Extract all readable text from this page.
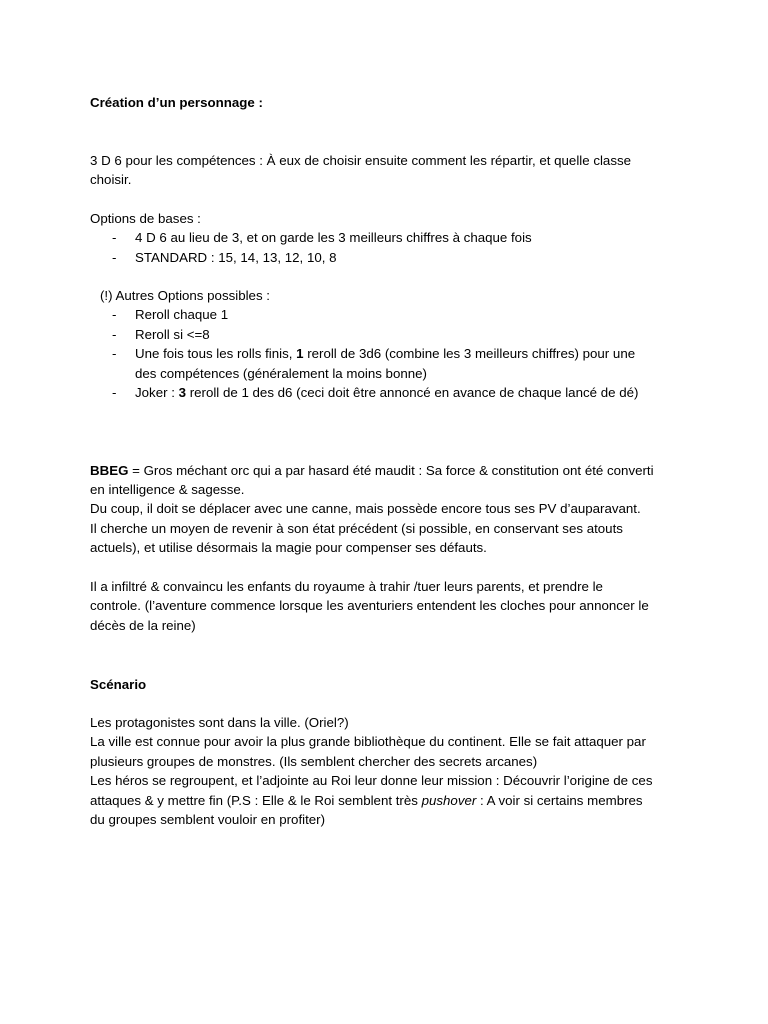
Création d’un personnage :
3 D 6 pour les compétences : À eux de choisir ensuite comment les répartir, et quelle classe
choisir.
Options de bases :
- 4 D 6 au lieu de 3, et on garde les 3 meilleurs chiffres à chaque fois
- STANDARD : 15, 14, 13, 12, 10, 8
(!) Autres Options possibles :
- Reroll chaque 1
- Reroll si <=8
- Une fois tous les rolls finis, 1 reroll de 3d6 (combine les 3 meilleurs chiffres) pour une
des compétences (généralement la moins bonne)
- Joker : 3 reroll de 1 des d6 (ceci doit être annoncé en avance de chaque lancé de dé)
BBEG = Gros méchant orc qui a par hasard été maudit : Sa force & constitution ont été converti
en intelligence & sagesse.
Du coup, il doit se déplacer avec une canne, mais possède encore tous ses PV d’auparavant.
Il cherche un moyen de revenir à son état précédent (si possible, en conservant ses atouts
actuels), et utilise désormais la magie pour compenser ses défauts.
Il a infiltré & convaincu les enfants du royaume à trahir /tuer leurs parents, et prendre le
controle. (l’aventure commence lorsque les aventuriers entendent les cloches pour annoncer le
décès de la reine)
Scénario
Les protagonistes sont dans la ville. (Oriel?)
La ville est connue pour avoir la plus grande bibliothèque du continent. Elle se fait attaquer par
plusieurs groupes de monstres. (Ils semblent chercher des secrets arcanes)
Les héros se regroupent, et l’adjointe au Roi leur donne leur mission : Découvrir l’origine de ces
attaques & y mettre fin (P.S : Elle & le Roi semblent très pushover : A voir si certains membres
du groupes semblent vouloir en profiter)
